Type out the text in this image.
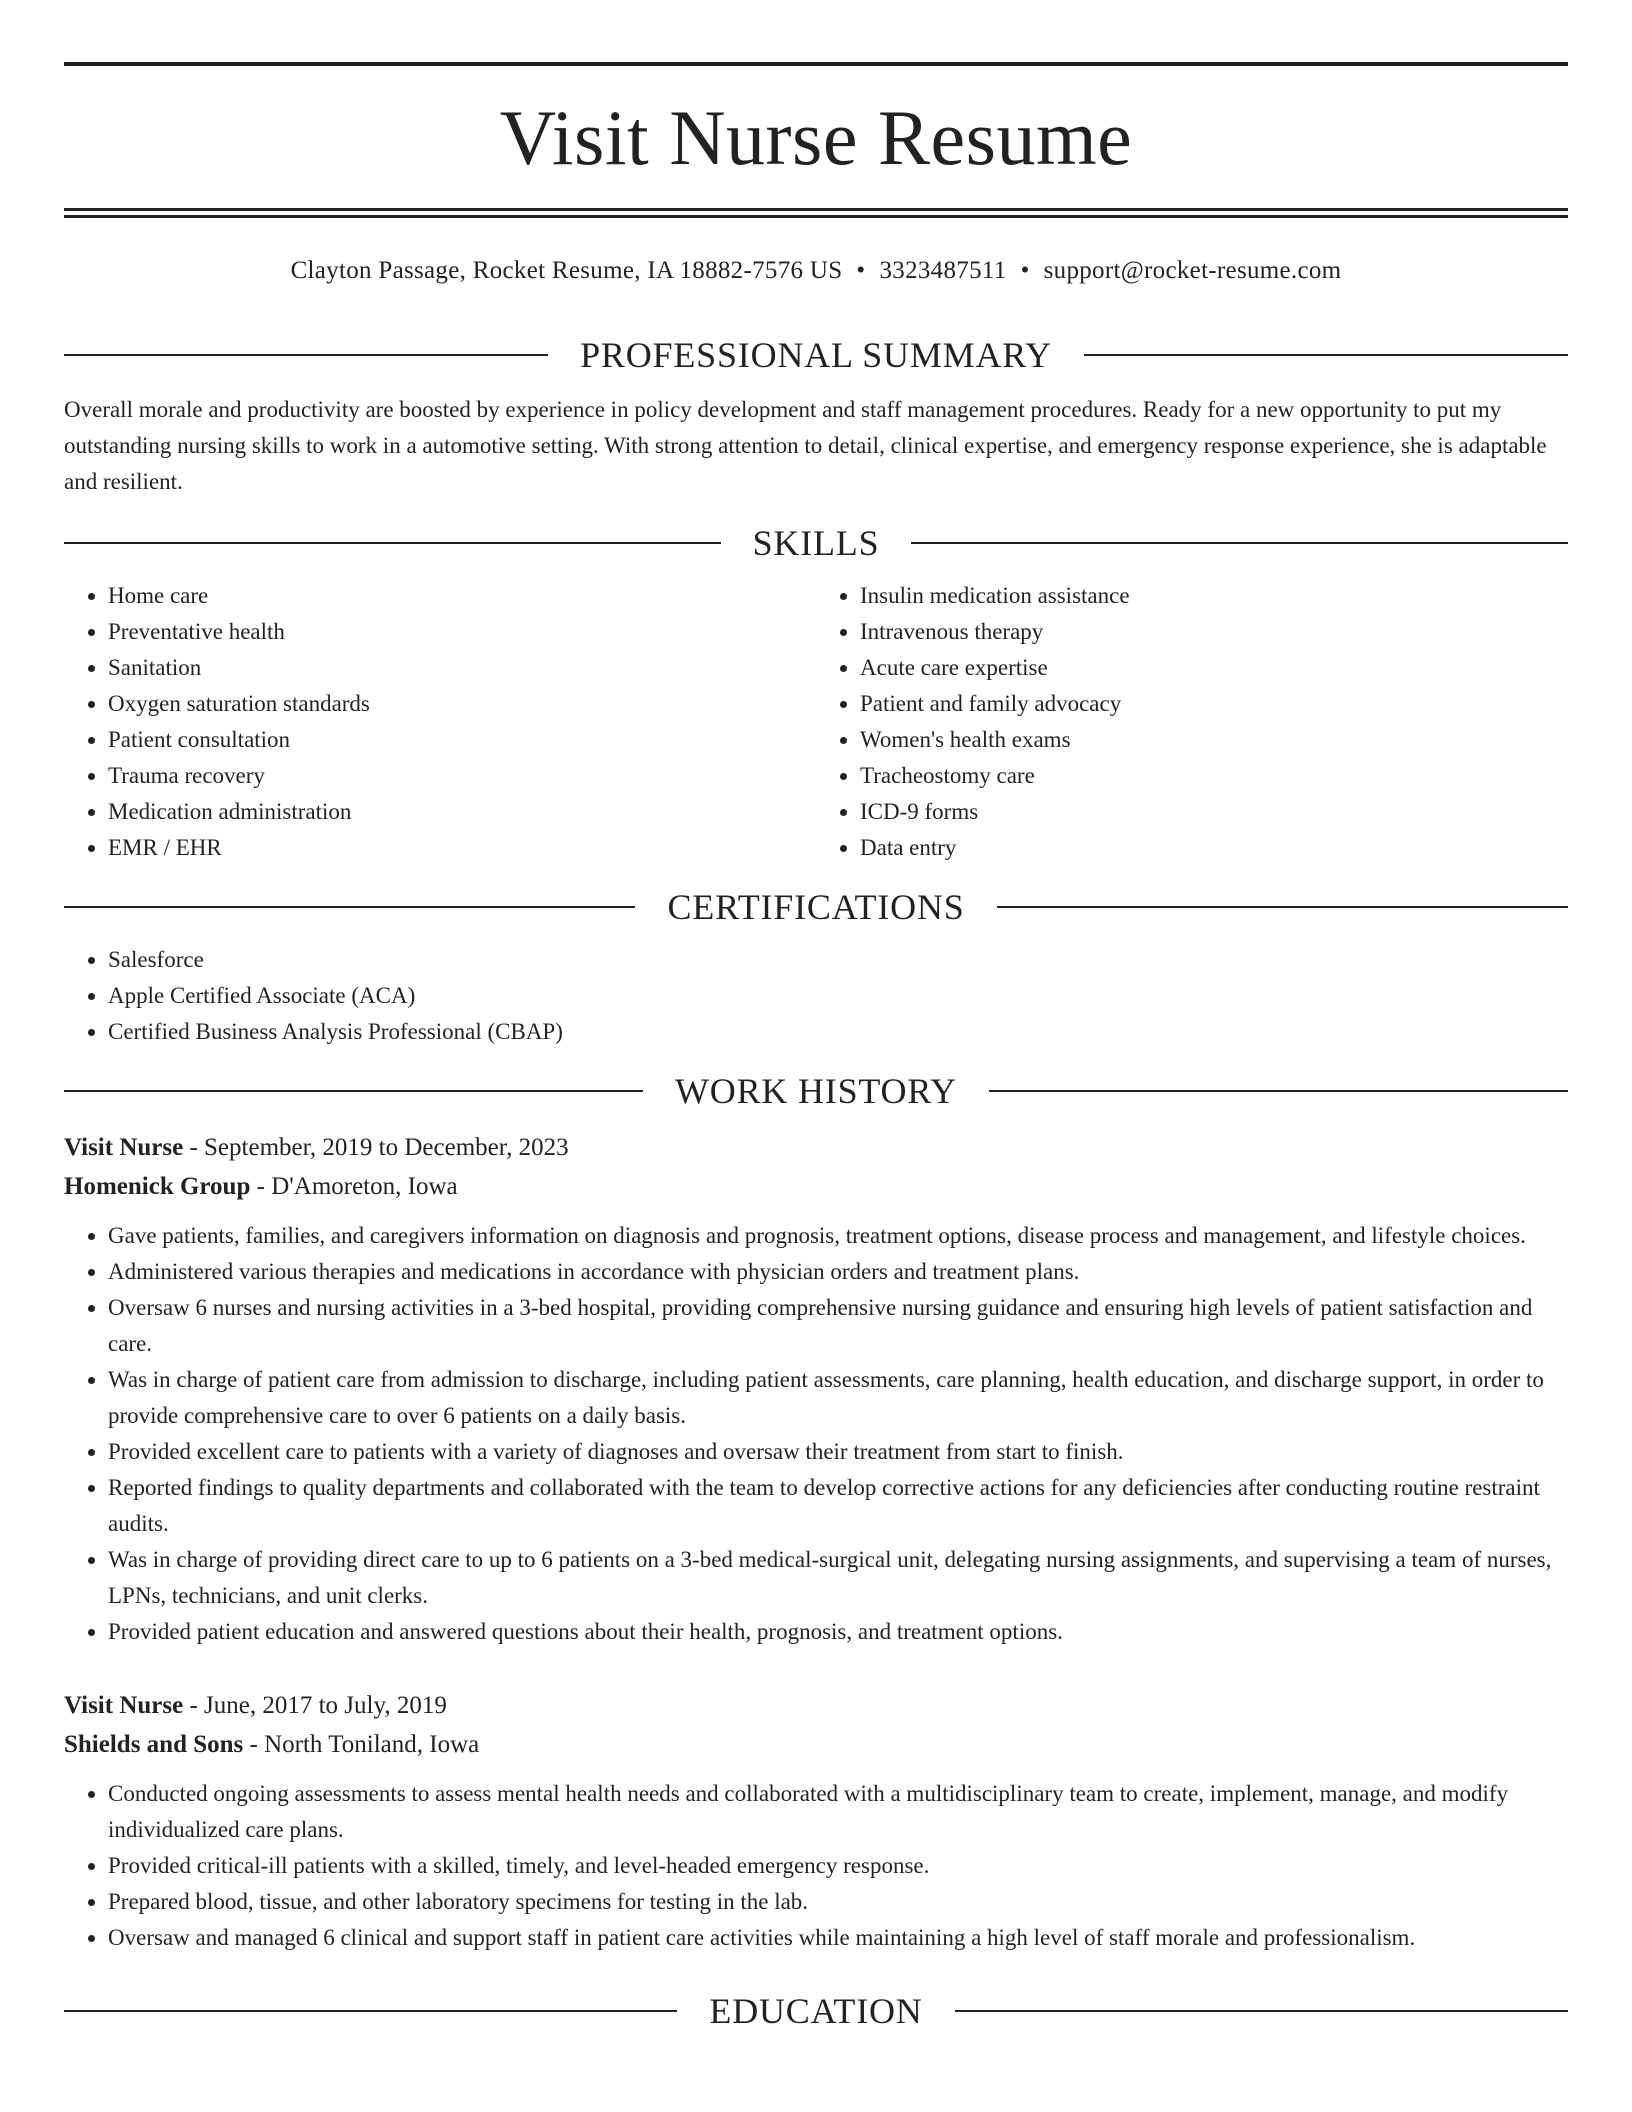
Visit Nurse Resume
Clayton Passage, Rocket Resume, IA 18882-7576 US • 3323487511 • support@rocket-resume.com
PROFESSIONAL SUMMARY

Overall morale and productivity are boosted by experience in policy development and staff management procedures. Ready for a new opportunity to put my outstanding nursing skills to work in a automotive setting. With strong attention to detail, clinical expertise, and emergency response experience, she is adaptable and resilient.

SKILLS
• Home care
• Preventative health
• Sanitation
• Oxygen saturation standards
• Patient consultation
• Trauma recovery
• Medication administration
• EMR / EHR
• Insulin medication assistance
• Intravenous therapy
• Acute care expertise
• Patient and family advocacy
• Women's health exams
• Tracheostomy care
• ICD-9 forms
• Data entry
CERTIFICATIONS
• Salesforce
• Apple Certified Associate (ACA)
• Certified Business Analysis Professional (CBAP)
WORK HISTORY
Visit Nurse - September, 2019 to December, 2023
Homenick Group - D'Amoreton, Iowa
• Gave patients, families, and caregivers information on diagnosis and prognosis, treatment options, disease process and management, and lifestyle choices.
• Administered various therapies and medications in accordance with physician orders and treatment plans.
• Oversaw 6 nurses and nursing activities in a 3-bed hospital, providing comprehensive nursing guidance and ensuring high levels of patient satisfaction and care.
• Was in charge of patient care from admission to discharge, including patient assessments, care planning, health education, and discharge support, in order to provide comprehensive care to over 6 patients on a daily basis.
• Provided excellent care to patients with a variety of diagnoses and oversaw their treatment from start to finish.
• Reported findings to quality departments and collaborated with the team to develop corrective actions for any deficiencies after conducting routine restraint audits.
• Was in charge of providing direct care to up to 6 patients on a 3-bed medical-surgical unit, delegating nursing assignments, and supervising a team of nurses, LPNs, technicians, and unit clerks.
• Provided patient education and answered questions about their health, prognosis, and treatment options.
Visit Nurse - June, 2017 to July, 2019
Shields and Sons - North Toniland, Iowa
• Conducted ongoing assessments to assess mental health needs and collaborated with a multidisciplinary team to create, implement, manage, and modify individualized care plans.
• Provided critical-ill patients with a skilled, timely, and level-headed emergency response.
• Prepared blood, tissue, and other laboratory specimens for testing in the lab.
• Oversaw and managed 6 clinical and support staff in patient care activities while maintaining a high level of staff morale and professionalism.
EDUCATION
